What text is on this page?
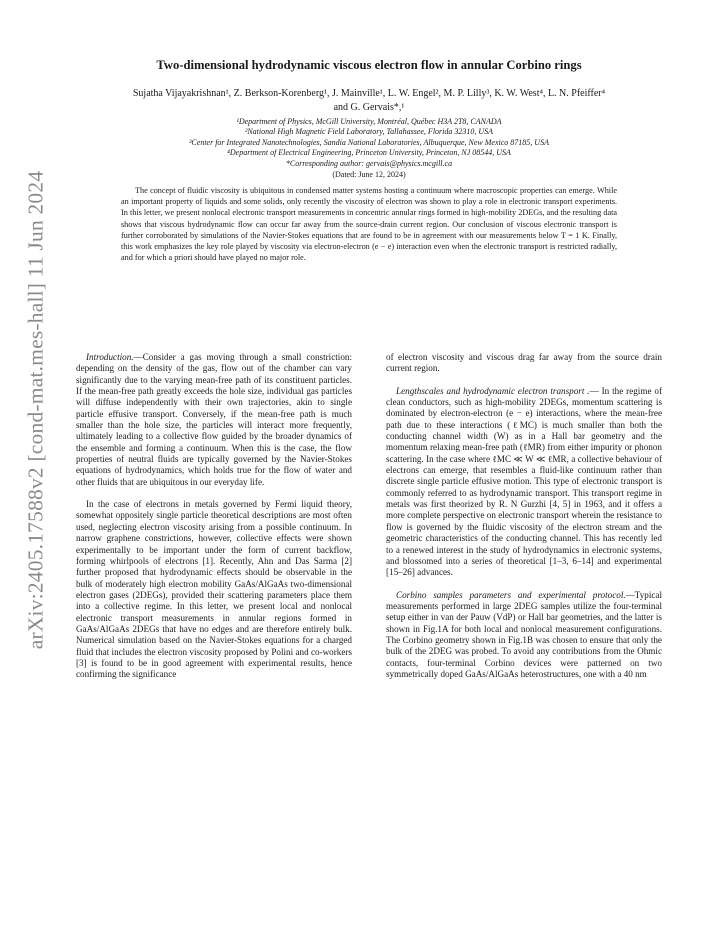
arXiv:2405.17588v2 [cond-mat.mes-hall] 11 Jun 2024
Two-dimensional hydrodynamic viscous electron flow in annular Corbino rings
Sujatha Vijayakrishnan¹, Z. Berkson-Korenberg¹, J. Mainville¹, L. W. Engel², M. P. Lilly³, K. W. West⁴, L. N. Pfeiffer⁴ and G. Gervais*,¹
¹Department of Physics, McGill University, Montréal, Québec H3A 2T8, CANADA
²National High Magnetic Field Laboratory, Tallahassee, Florida 32310, USA
³Center for Integrated Nanotechnologies, Sandia National Laboratories, Albuquerque, New Mexico 87185, USA
⁴Department of Electrical Engineering, Princeton University, Princeton, NJ 08544, USA
*Corresponding author: gervais@physics.mcgill.ca
(Dated: June 12, 2024)
The concept of fluidic viscosity is ubiquitous in condensed matter systems hosting a continuum where macroscopic properties can emerge. While an important property of liquids and some solids, only recently the viscosity of electron was shown to play a role in electronic transport experiments. In this letter, we present nonlocal electronic transport measurements in concentric annular rings formed in high-mobility 2DEGs, and the resulting data shows that viscous hydrodynamic flow can occur far away from the source-drain current region. Our conclusion of viscous electronic transport is further corroborated by simulations of the Navier-Stokes equations that are found to be in agreement with our measurements below T = 1 K. Finally, this work emphasizes the key role played by viscosity via electron-electron (e − e) interaction even when the electronic transport is restricted radially, and for which a priori should have played no major role.

Introduction.—Consider a gas moving through a small constriction: depending on the density of the gas, flow out of the chamber can vary significantly due to the varying mean-free path of its constituent particles. If the mean-free path greatly exceeds the hole size, individual gas particles will diffuse independently with their own trajectories, akin to single particle effusive transport. Conversely, if the mean-free path is much smaller than the hole size, the particles will interact more frequently, ultimately leading to a collective flow guided by the broader dynamics of the ensemble and forming a continuum. When this is the case, the flow properties of neutral fluids are typically governed by the Navier-Stokes equations of hydrodynamics, which holds true for the flow of water and other fluids that are ubiquitous in our everyday life.

In the case of electrons in metals governed by Fermi liquid theory, somewhat oppositely single particle theoretical descriptions are most often used, neglecting electron viscosity arising from a possible continuum. In narrow graphene constrictions, however, collective effects were shown experimentally to be important under the form of current backflow, forming whirlpools of electrons [1]. Recently, Ahn and Das Sarma [2] further proposed that hydrodynamic effects should be observable in the bulk of moderately high electron mobility GaAs/AlGaAs two-dimensional electron gases (2DEGs), provided their scattering parameters place them into a collective regime. In this letter, we present local and nonlocal electronic transport measurements in annular regions formed in GaAs/AlGaAs 2DEGs that have no edges and are therefore entirely bulk. Numerical simulation based on the Navier-Stokes equations for a charged fluid that includes the electron viscosity proposed by Polini and co-workers [3] is found to be in good agreement with experimental results, hence confirming the significance

of electron viscosity and viscous drag far away from the source drain current region.

Lengthscales and hydrodynamic electron transport .— In the regime of clean conductors, such as high-mobility 2DEGs, momentum scattering is dominated by electron-electron (e − e) interactions, where the mean-free path due to these interactions (ℓMC) is much smaller than both the conducting channel width (W) as in a Hall bar geometry and the momentum relaxing mean-free path (ℓMR) from either impurity or phonon scattering. In the case where ℓMC ≪ W ≪ ℓMR, a collective behaviour of electrons can emerge, that resembles a fluid-like continuum rather than discrete single particle effusive motion. This type of electronic transport is commonly referred to as hydrodynamic transport. This transport regime in metals was first theorized by R. N Gurzhi [4, 5] in 1963, and it offers a more complete perspective on electronic transport wherein the resistance to flow is governed by the fluidic viscosity of the electron stream and the geometric characteristics of the conducting channel. This has recently led to a renewed interest in the study of hydrodynamics in electronic systems, and blossomed into a series of theoretical [1–3, 6–14] and experimental [15–26] advances.

Corbino samples parameters and experimental protocol.—Typical measurements performed in large 2DEG samples utilize the four-terminal setup either in van der Pauw (VdP) or Hall bar geometries, and the latter is shown in Fig.1A for both local and nonlocal measurement configurations. The Corbino geometry shown in Fig.1B was chosen to ensure that only the bulk of the 2DEG was probed. To avoid any contributions from the Ohmic contacts, four-terminal Corbino devices were patterned on two symmetrically doped GaAs/AlGaAs heterostructures, one with a 40 nm
